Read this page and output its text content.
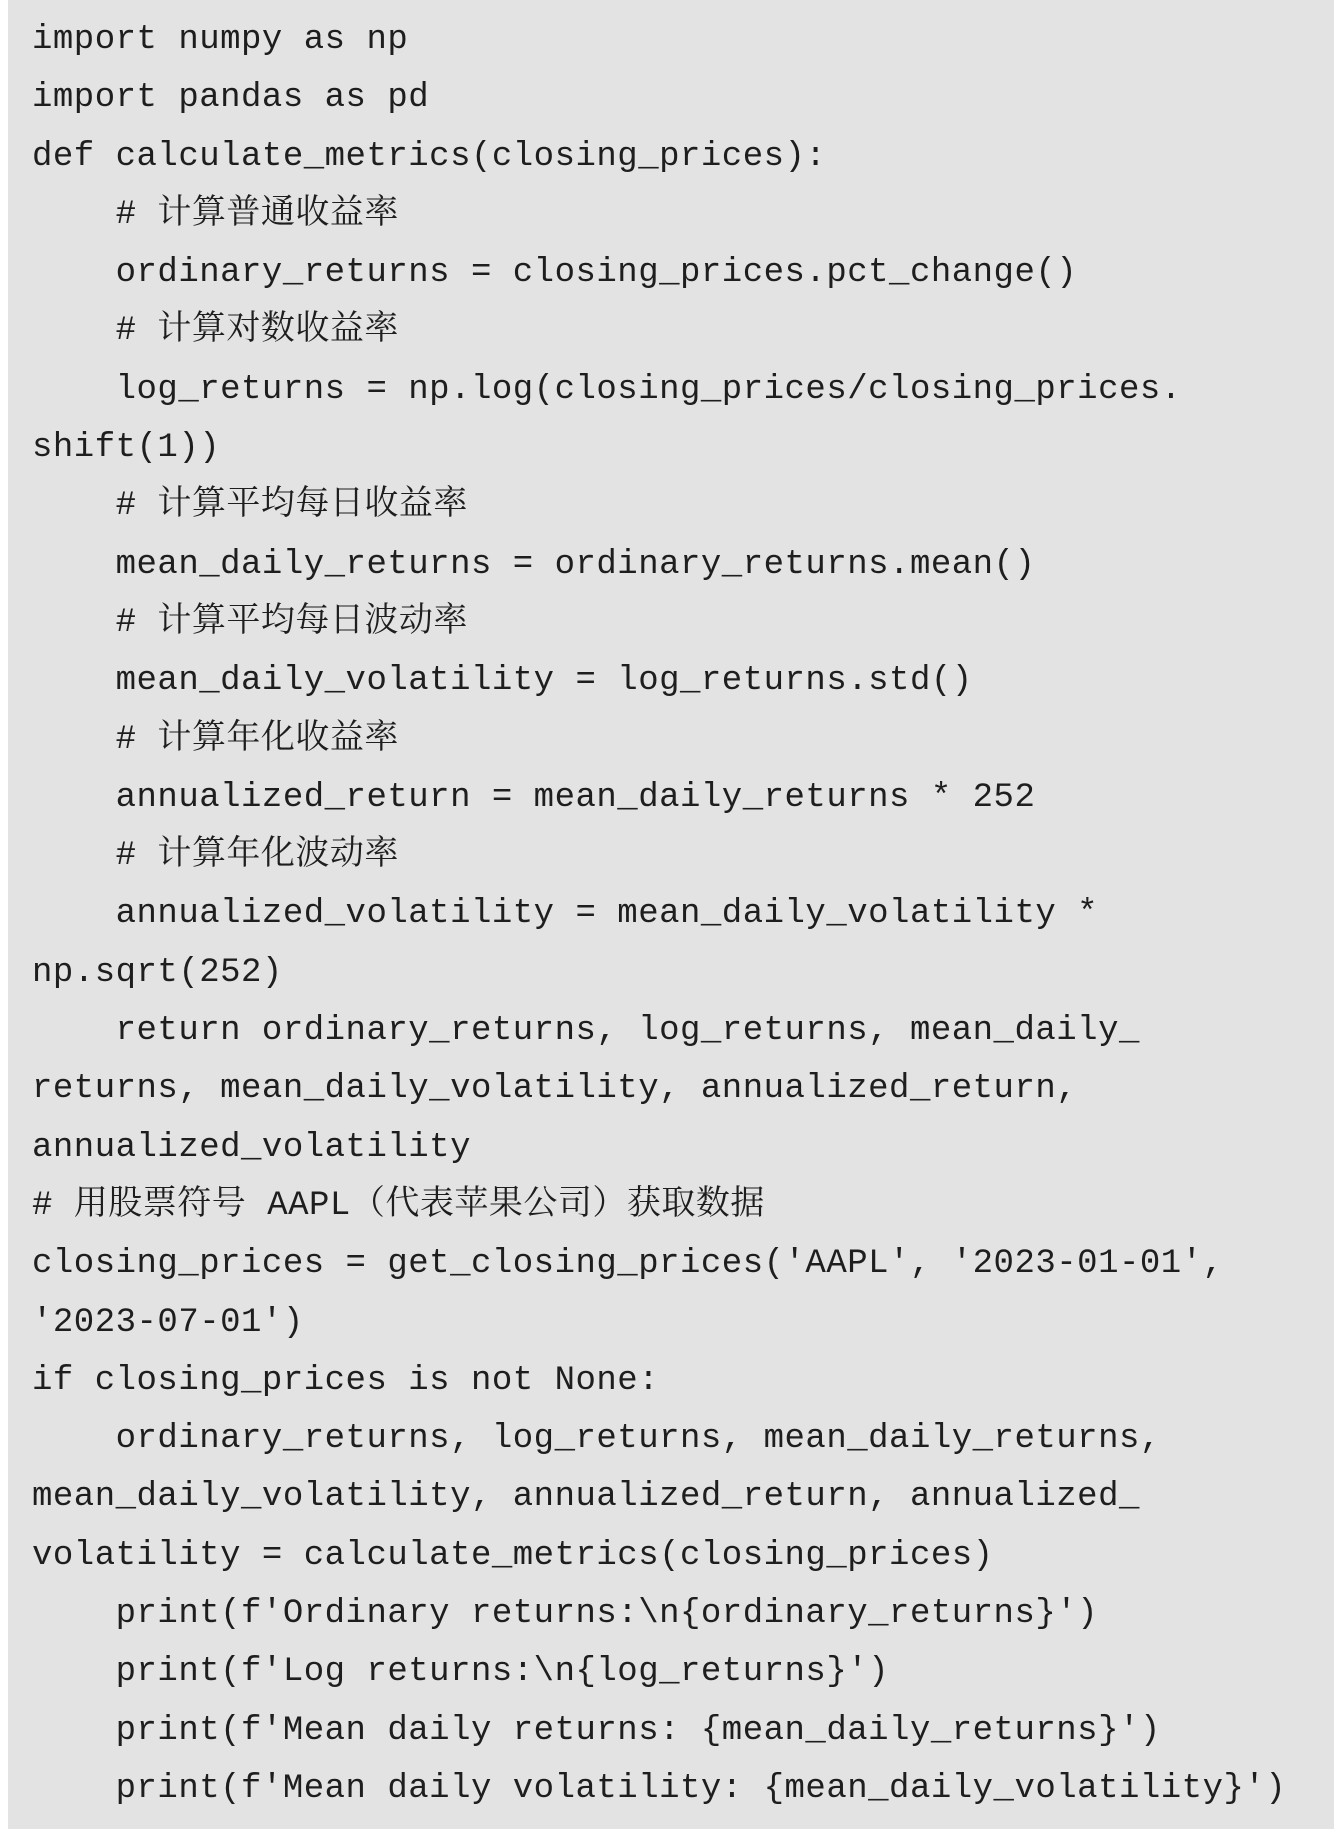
import numpy as np
import pandas as pd
def calculate_metrics(closing_prices):
# 计算普通收益率
ordinary_returns = closing_prices.pct_change()
# 计算对数收益率
log_returns = np.log(closing_prices/closing_prices.
shift(1))
# 计算平均每日收益率
mean_daily_returns = ordinary_returns.mean()
# 计算平均每日波动率
mean_daily_volatility = log_returns.std()
# 计算年化收益率
annualized_return = mean_daily_returns * 252
# 计算年化波动率
annualized_volatility = mean_daily_volatility *
np.sqrt(252)
return ordinary_returns, log_returns, mean_daily_
returns, mean_daily_volatility, annualized_return,
annualized_volatility
# 用股票符号 AAPL（代表苹果公司）获取数据
closing_prices = get_closing_prices('AAPL', '2023-01-01',
'2023-07-01')
if closing_prices is not None:
ordinary_returns, log_returns, mean_daily_returns,
mean_daily_volatility, annualized_return, annualized_
volatility = calculate_metrics(closing_prices)
print(f'Ordinary returns:\n{ordinary_returns}')
print(f'Log returns:\n{log_returns}')
print(f'Mean daily returns: {mean_daily_returns}')
print(f'Mean daily volatility: {mean_daily_volatility}')
